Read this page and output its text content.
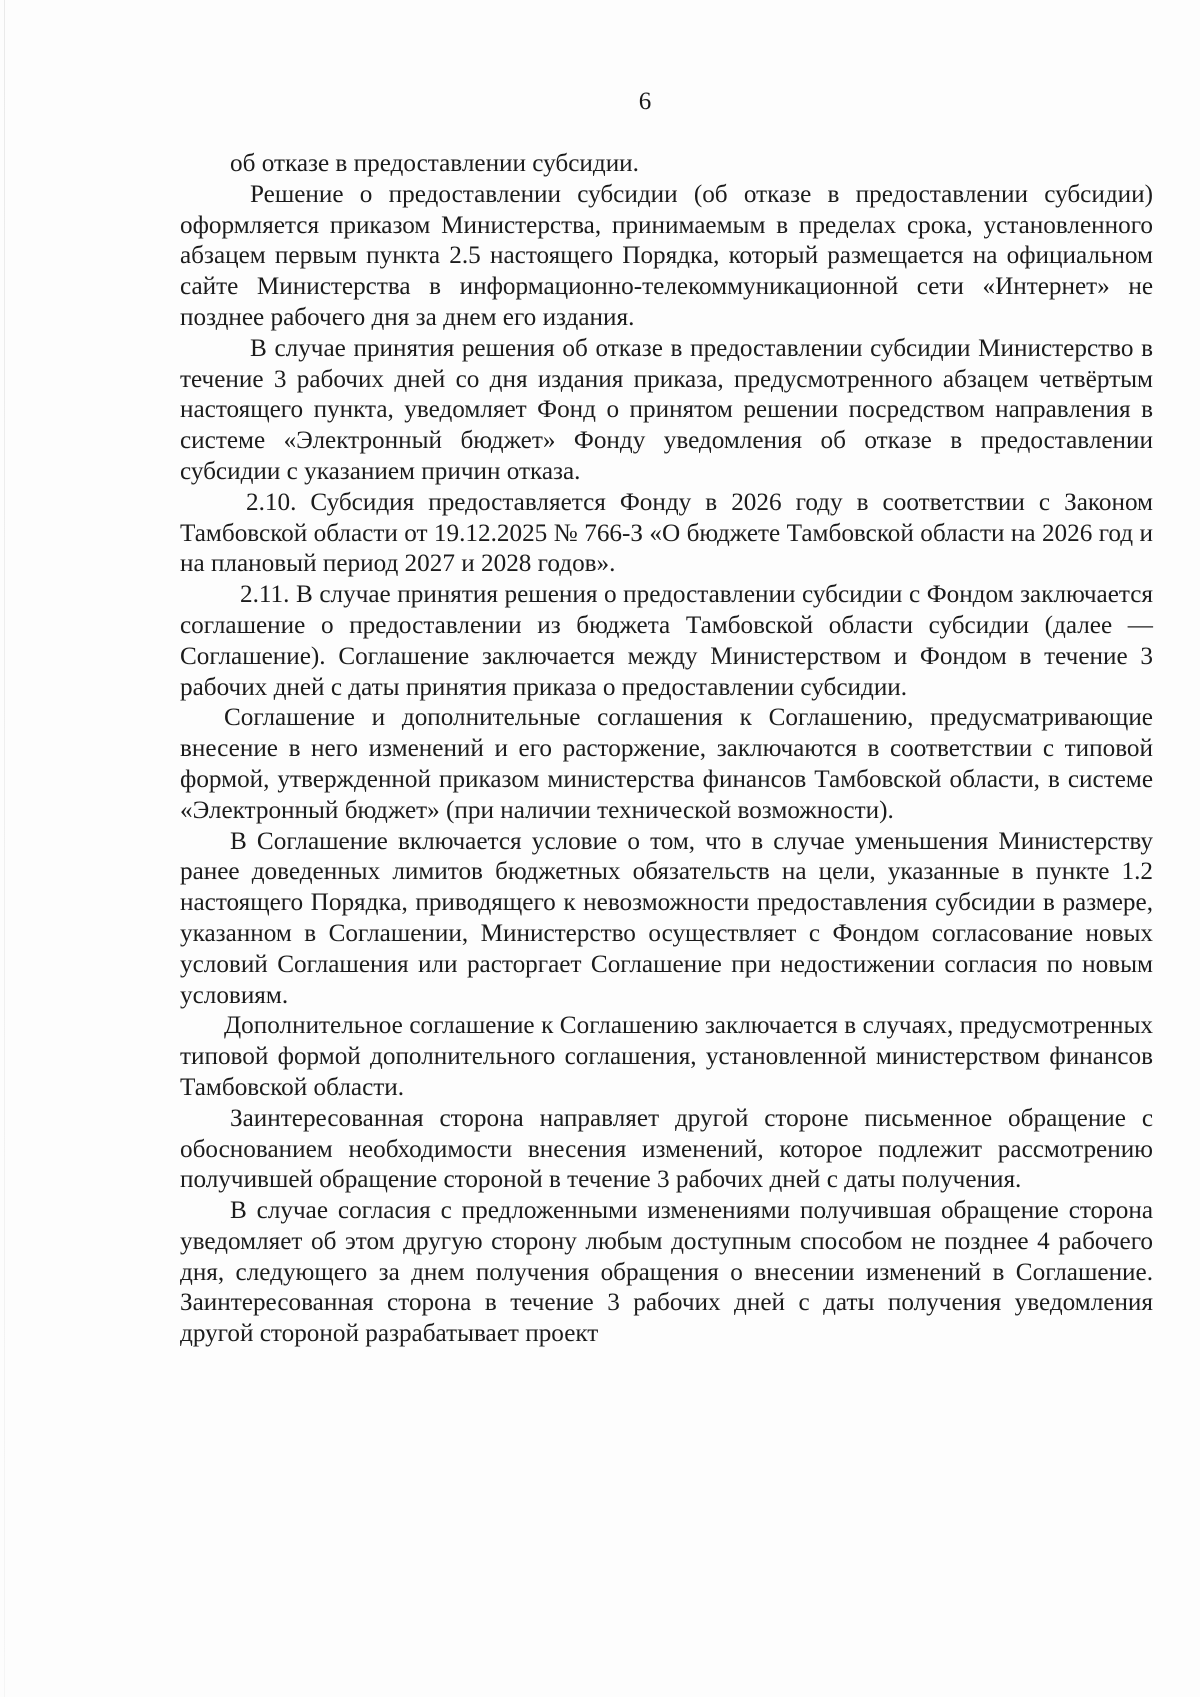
6

об отказе в предоставлении субсидии.

Решение о предоставлении субсидии (об отказе в предоставлении субсидии) оформляется приказом Министерства, принимаемым в пределах срока, установленного абзацем первым пункта 2.5 настоящего Порядка, который размещается на официальном сайте Министерства в информационно-телекоммуникационной сети «Интернет» не позднее рабочего дня за днем его издания.

В случае принятия решения об отказе в предоставлении субсидии Министерство в течение 3 рабочих дней со дня издания приказа, предусмотренного абзацем четвёртым настоящего пункта, уведомляет Фонд о принятом решении посредством направления в системе «Электронный бюджет» Фонду уведомления об отказе в предоставлении субсидии с указанием причин отказа.

2.10. Субсидия предоставляется Фонду в 2026 году в соответствии с Законом Тамбовской области от 19.12.2025 № 766-З «О бюджете Тамбовской области на 2026 год и на плановый период 2027 и 2028 годов».

2.11. В случае принятия решения о предоставлении субсидии с Фондом заключается соглашение о предоставлении из бюджета Тамбовской области субсидии (далее — Соглашение). Соглашение заключается между Министерством и Фондом в течение 3 рабочих дней с даты принятия приказа о предоставлении субсидии.

Соглашение и дополнительные соглашения к Соглашению, предусматривающие внесение в него изменений и его расторжение, заключаются в соответствии с типовой формой, утвержденной приказом министерства финансов Тамбовской области, в системе «Электронный бюджет» (при наличии технической возможности).

В Соглашение включается условие о том, что в случае уменьшения Министерству ранее доведенных лимитов бюджетных обязательств на цели, указанные в пункте 1.2 настоящего Порядка, приводящего к невозможности предоставления субсидии в размере, указанном в Соглашении, Министерство осуществляет с Фондом согласование новых условий Соглашения или расторгает Соглашение при недостижении согласия по новым условиям.

Дополнительное соглашение к Соглашению заключается в случаях, предусмотренных типовой формой дополнительного соглашения, установленной министерством финансов Тамбовской области.

Заинтересованная сторона направляет другой стороне письменное обращение с обоснованием необходимости внесения изменений, которое подлежит рассмотрению получившей обращение стороной в течение 3 рабочих дней с даты получения.

В случае согласия с предложенными изменениями получившая обращение сторона уведомляет об этом другую сторону любым доступным способом не позднее 4 рабочего дня, следующего за днем получения обращения о внесении изменений в Соглашение. Заинтересованная сторона в течение 3 рабочих дней с даты получения уведомления другой стороной разрабатывает проект
